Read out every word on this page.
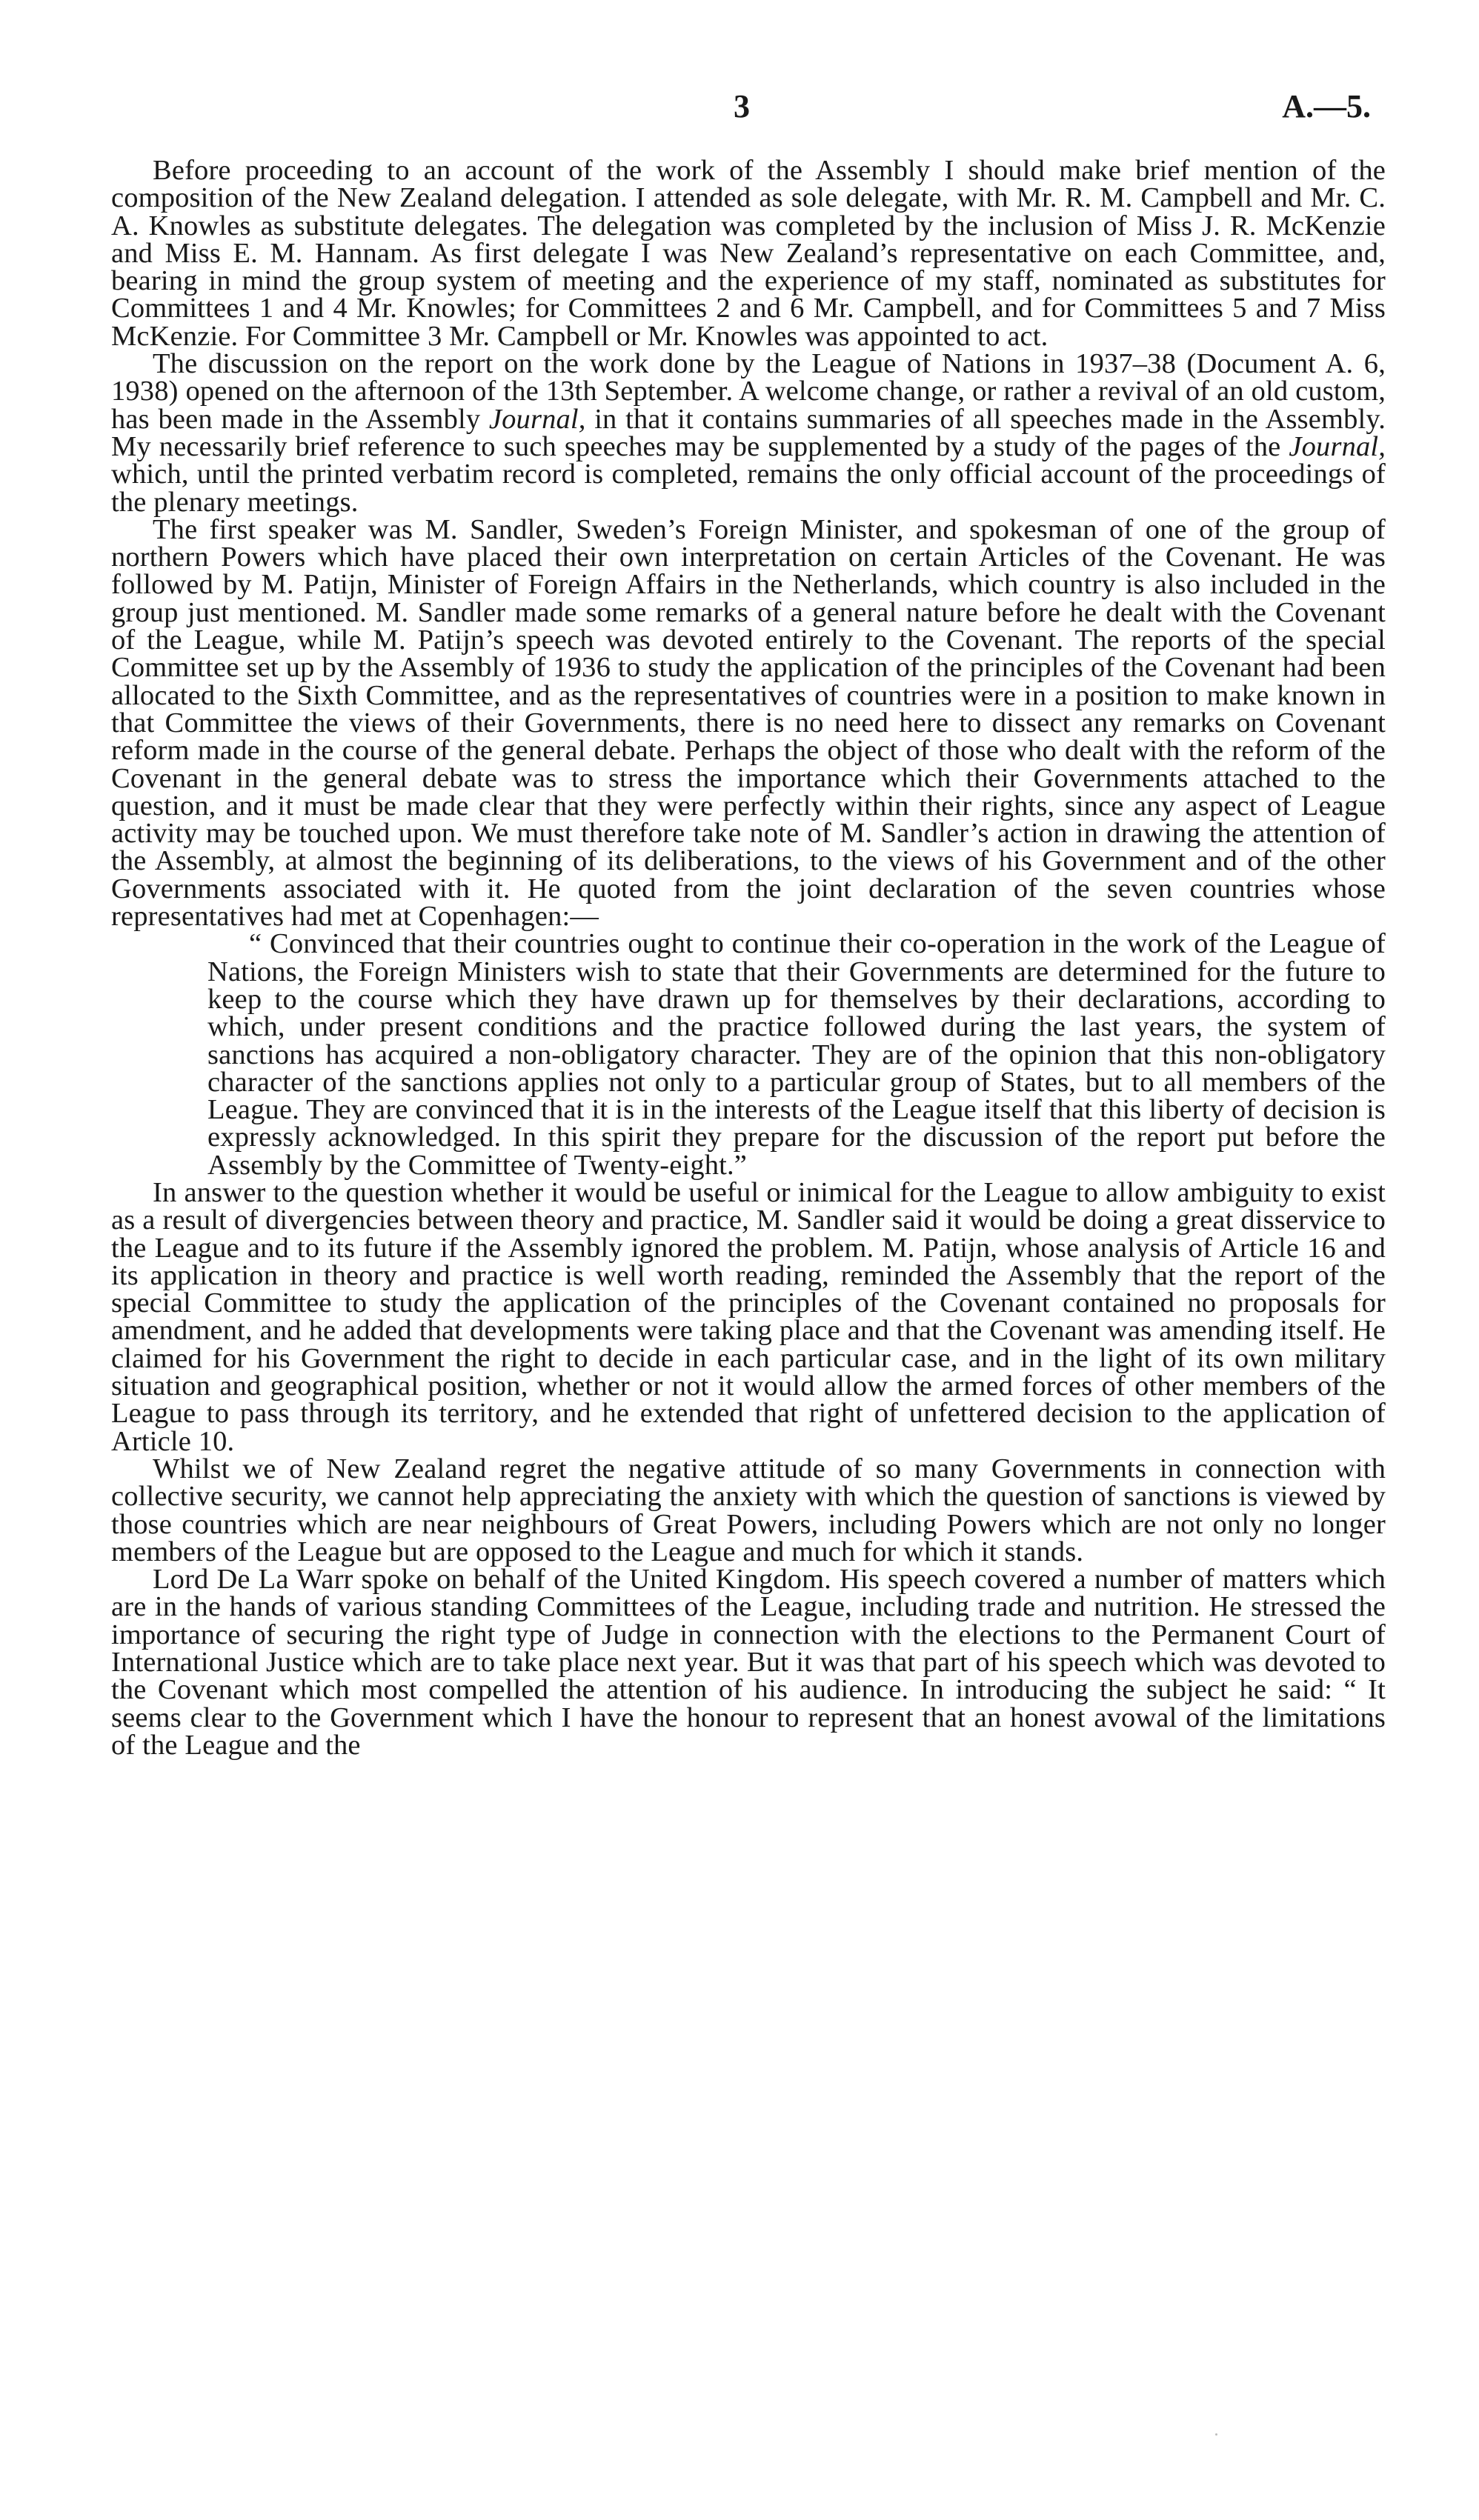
3	A.—5.

Before proceeding to an account of the work of the Assembly I should make brief mention of the composition of the New Zealand delegation. I attended as sole delegate, with Mr. R. M. Campbell and Mr. C. A. Knowles as substitute delegates. The delegation was completed by the inclusion of Miss J. R. McKenzie and Miss E. M. Hannam. As first delegate I was New Zealand’s representative on each Committee, and, bearing in mind the group system of meeting and the experience of my staff, nominated as substitutes for Committees 1 and 4 Mr. Knowles; for Committees 2 and 6 Mr. Campbell, and for Committees 5 and 7 Miss McKenzie. For Committee 3 Mr. Campbell or Mr. Knowles was appointed to act.

The discussion on the report on the work done by the League of Nations in 1937–38 (Document A. 6, 1938) opened on the afternoon of the 13th September. A welcome change, or rather a revival of an old custom, has been made in the Assembly Journal, in that it contains summaries of all speeches made in the Assembly. My necessarily brief reference to such speeches may be supplemented by a study of the pages of the Journal, which, until the printed verbatim record is completed, remains the only official account of the proceedings of the plenary meetings.

The first speaker was M. Sandler, Sweden’s Foreign Minister, and spokesman of one of the group of northern Powers which have placed their own interpretation on certain Articles of the Covenant. He was followed by M. Patijn, Minister of Foreign Affairs in the Netherlands, which country is also included in the group just mentioned. M. Sandler made some remarks of a general nature before he dealt with the Covenant of the League, while M. Patijn’s speech was devoted entirely to the Covenant. The reports of the special Committee set up by the Assembly of 1936 to study the application of the principles of the Covenant had been allocated to the Sixth Committee, and as the representatives of countries were in a position to make known in that Committee the views of their Governments, there is no need here to dissect any remarks on Covenant reform made in the course of the general debate. Perhaps the object of those who dealt with the reform of the Covenant in the general debate was to stress the importance which their Governments attached to the question, and it must be made clear that they were perfectly within their rights, since any aspect of League activity may be touched upon. We must therefore take note of M. Sandler’s action in drawing the attention of the Assembly, at almost the beginning of its deliberations, to the views of his Government and of the other Governments associated with it. He quoted from the joint declaration of the seven countries whose representatives had met at Copenhagen:—

“ Convinced that their countries ought to continue their co-operation in the work of the League of Nations, the Foreign Ministers wish to state that their Governments are determined for the future to keep to the course which they have drawn up for themselves by their declarations, according to which, under present conditions and the practice followed during the last years, the system of sanctions has acquired a non-obligatory character. They are of the opinion that this non-obligatory character of the sanctions applies not only to a particular group of States, but to all members of the League. They are convinced that it is in the interests of the League itself that this liberty of decision is expressly acknowledged. In this spirit they prepare for the discussion of the report put before the Assembly by the Committee of Twenty-eight.”

In answer to the question whether it would be useful or inimical for the League to allow ambiguity to exist as a result of divergencies between theory and practice, M. Sandler said it would be doing a great disservice to the League and to its future if the Assembly ignored the problem. M. Patijn, whose analysis of Article 16 and its application in theory and practice is well worth reading, reminded the Assembly that the report of the special Committee to study the application of the principles of the Covenant contained no proposals for amendment, and he added that developments were taking place and that the Covenant was amending itself. He claimed for his Government the right to decide in each particular case, and in the light of its own military situation and geographical position, whether or not it would allow the armed forces of other members of the League to pass through its territory, and he extended that right of unfettered decision to the application of Article 10.

Whilst we of New Zealand regret the negative attitude of so many Governments in connection with collective security, we cannot help appreciating the anxiety with which the question of sanctions is viewed by those countries which are near neighbours of Great Powers, including Powers which are not only no longer members of the League but are opposed to the League and much for which it stands.

Lord De La Warr spoke on behalf of the United Kingdom. His speech covered a number of matters which are in the hands of various standing Committees of the League, including trade and nutrition. He stressed the importance of securing the right type of Judge in connection with the elections to the Permanent Court of International Justice which are to take place next year. But it was that part of his speech which was devoted to the Covenant which most compelled the attention of his audience. In introducing the subject he said: “ It seems clear to the Government which I have the honour to represent that an honest avowal of the limitations of the League and the
